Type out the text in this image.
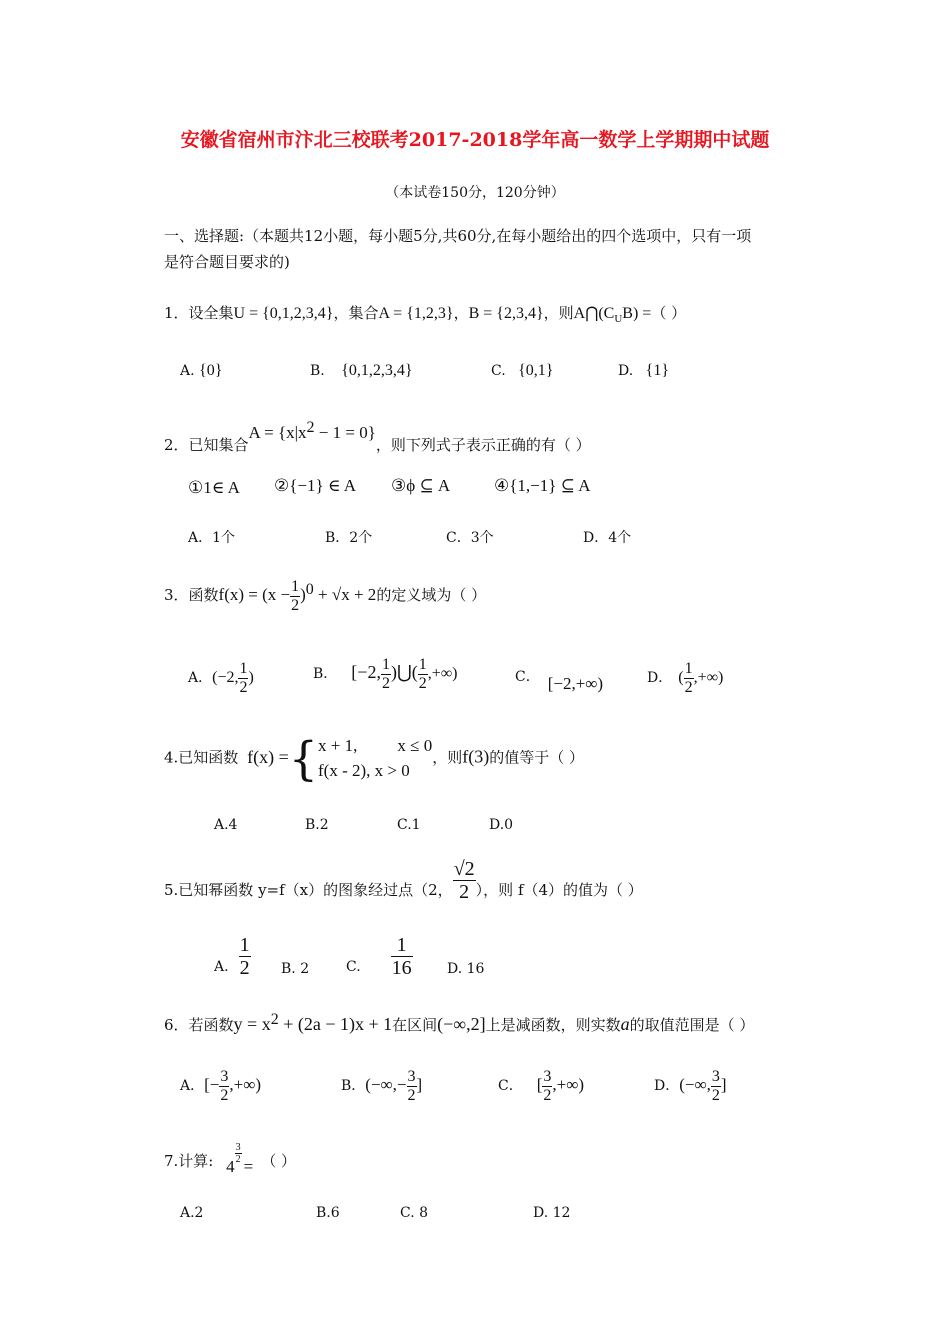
安徽省宿州市汴北三校联考2017-2018学年高一数学上学期期中试题
（本试卷150分，120分钟）
一、选择题:（本题共12小题，每小题5分,共60分,在每小题给出的四个选项中，只有一项
是符合题目要求的)
1．设全集U = {0,1,2,3,4}，集合A = {1,2,3}，B = {2,3,4}，则$A⋂(C_UB)$ =（ ）
A. {0}	B. {0,1,2,3,4}	C. {0,1}	D. {1}
2．已知集合$A = \{x|x^2 - 1 = 0\}$，则下列式子表示正确的有（ ）
①1∈ A ②{−1} ∈ A ③ϕ ⊆ A	④{1,−1} ⊆ A
A．1个	B．2个	C．3个	D．4个
3．函数$f(x) = (x - \frac{1}{2} )^0 + √x + 2$的定义域为（ ）
A．(−2, $\frac{1}{2}$ )	B． [−2, $\frac{1}{2}$ )⋃( $\frac{1}{2}$ ,+∞)	C． [−2,+∞)	D． ( $\frac{1}{2}$ ,+∞)
4.已知函数 f(x) ={ x + 1, x ≤ 0
f(x - 2), x > 0
，则f(3)的值等于（ ）
A.4	B.2	C.1	D.0
5.已知幂函数 y=f（x）的图象经过点（2， $\frac{√2}{2}$ ），则 f（4）的值为（ ）
A. $\frac{1}{2} B$. 2	C. $\frac{1}{16} D$. 16
6．若函数$y = x^2 + (2a - 1)x + 1$在区间(−∞,2]上是减函数，则实数a的取值范围是（ ）
A．[− $\frac{3}{2}$ ,+∞)	B．(−∞,− $\frac{3}{2}$ ]	C． [ $\frac{3}{2}$ ,+∞)	D．(−∞, $\frac{3}{2}$ ]
7.计算: 4
$\frac{3}{2}$
= （ ）
A.2	B.6	C. 8	D. 12
